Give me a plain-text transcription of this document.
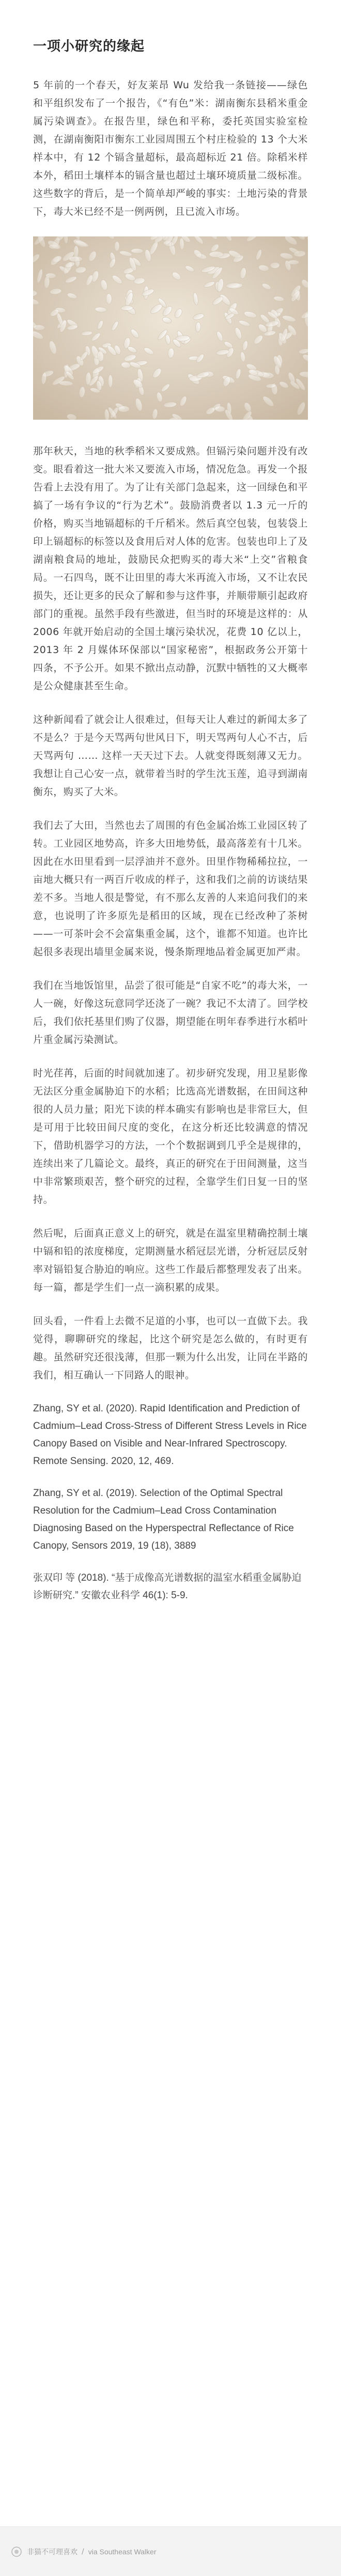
一项小研究的缘起

5 年前的一个春天，好友莱昂 Wu 发给我一条链接——绿色和平组织发布了一个报告，《“有色”米：湖南衡东县稻米重金属污染调查》。在报告里，绿色和平称，委托英国实验室检测，在湖南衡阳市衡东工业园周围五个村庄检验的 13 个大米样本中，有 12 个镉含量超标，最高超标近 21 倍。除稻米样本外，稻田土壤样本的镉含量也超过土壤环境质量二级标准。这些数字的背后，是一个简单却严峻的事实：土地污染的背景下，毒大米已经不是一例两例，且已流入市场。

那年秋天，当地的秋季稻米又要成熟。但镉污染问题并没有改变。眼看着这一批大米又要流入市场，情况危急。再发一个报告看上去没有用了。为了让有关部门急起来，这一回绿色和平搞了一场有争议的“行为艺术”。鼓励消费者以 1.3 元一斤的价格，购买当地镉超标的千斤稻米。然后真空包装，包装袋上印上镉超标的标签以及食用后对人体的危害。包装也印上了及湖南粮食局的地址，鼓励民众把购买的毒大米“上交”省粮食局。一石四鸟，既不让田里的毒大米再流入市场，又不让农民损失，还让更多的民众了解和参与这件事，并顺带顺引起政府部门的重视。虽然手段有些激进，但当时的环境是这样的：从 2006 年就开始启动的全国土壤污染状况，花费 10 亿以上，2013 年 2 月媒体环保部以“国家秘密”，根据政务公开第十四条，不予公开。如果不掀出点动静，沉默中牺牲的又大概率是公众健康甚至生命。

这种新闻看了就会让人很难过，但每天让人难过的新闻太多了不是么？于是今天骂两句世风日下，明天骂两句人心不古，后天骂两句 …… 这样一天天过下去。人就变得既刻薄又无力。我想让自己心安一点，就带着当时的学生沈玉莲，追寻到湖南衡东，购买了大米。

我们去了大田，当然也去了周围的有色金属冶炼工业园区转了转。工业园区地势高，许多大田地势低，最高落差有十几米。因此在水田里看到一层浮油并不意外。田里作物稀稀拉拉，一亩地大概只有一两百斤收成的样子，这和我们之前的访谈结果差不多。当地人很是警觉，有不那么友善的人来追问我们的来意，也说明了许多原先是稻田的区域，现在已经改种了茶树——一可茶叶会不会富集重金属，这个，谁都不知道。也许比起很多表现出墙里金属来说，慢条斯理地品着金属更加严肃。

我们在当地饭馆里，品尝了很可能是“自家不吃”的毒大米，一人一碗，好像这玩意同学还浇了一碗？我记不太清了。回学校后，我们依托基里们购了仪器，期望能在明年春季进行水稻叶片重金属污染测试。

时光荏苒，后面的时间就加速了。初步研究发现，用卫星影像无法区分重金属胁迫下的水稻；比选高光谱数据，在田间这种很的人员力量；阳光下读的样本确实有影响也是非常巨大，但是可用于比较田间尺度的变化，在这分析还比较满意的情况下，借助机器学习的方法，一个个数据调到几乎全是规律的，连续出来了几篇论文。最终，真正的研究在于田间测量，这当中非常繁琐艰苦，整个研究的过程，全靠学生们日复一日的坚持。

然后呢，后面真正意义上的研究，就是在温室里精确控制土壤中镉和铅的浓度梯度，定期测量水稻冠层光谱，分析冠层反射率对镉铅复合胁迫的响应。这些工作最后都整理发表了出来。每一篇，都是学生们一点一滴积累的成果。

回头看，一件看上去微不足道的小事，也可以一直做下去。我觉得，聊聊研究的缘起，比这个研究是怎么做的，有时更有趣。虽然研究还很浅薄，但那一颗为什么出发，让同在半路的我们，相互确认一下同路人的眼神。

Zhang, SY et al. (2020). Rapid Identification and Prediction of Cadmium–Lead Cross-Stress of Different Stress Levels in Rice Canopy Based on Visible and Near-Infrared Spectroscopy. Remote Sensing. 2020, 12, 469.

Zhang, SY et al. (2019). Selection of the Optimal Spectral Resolution for the Cadmium–Lead Cross Contamination Diagnosing Based on the Hyperspectral Reflectance of Rice Canopy, Sensors 2019, 19 (18), 3889

张双印 等 (2018). “基于成像高光谱数据的温室水稻重金属胁迫诊断研究.” 安徽农业科学 46(1): 5-9.

非猫不可理喜欢 / via Southeast Walker
